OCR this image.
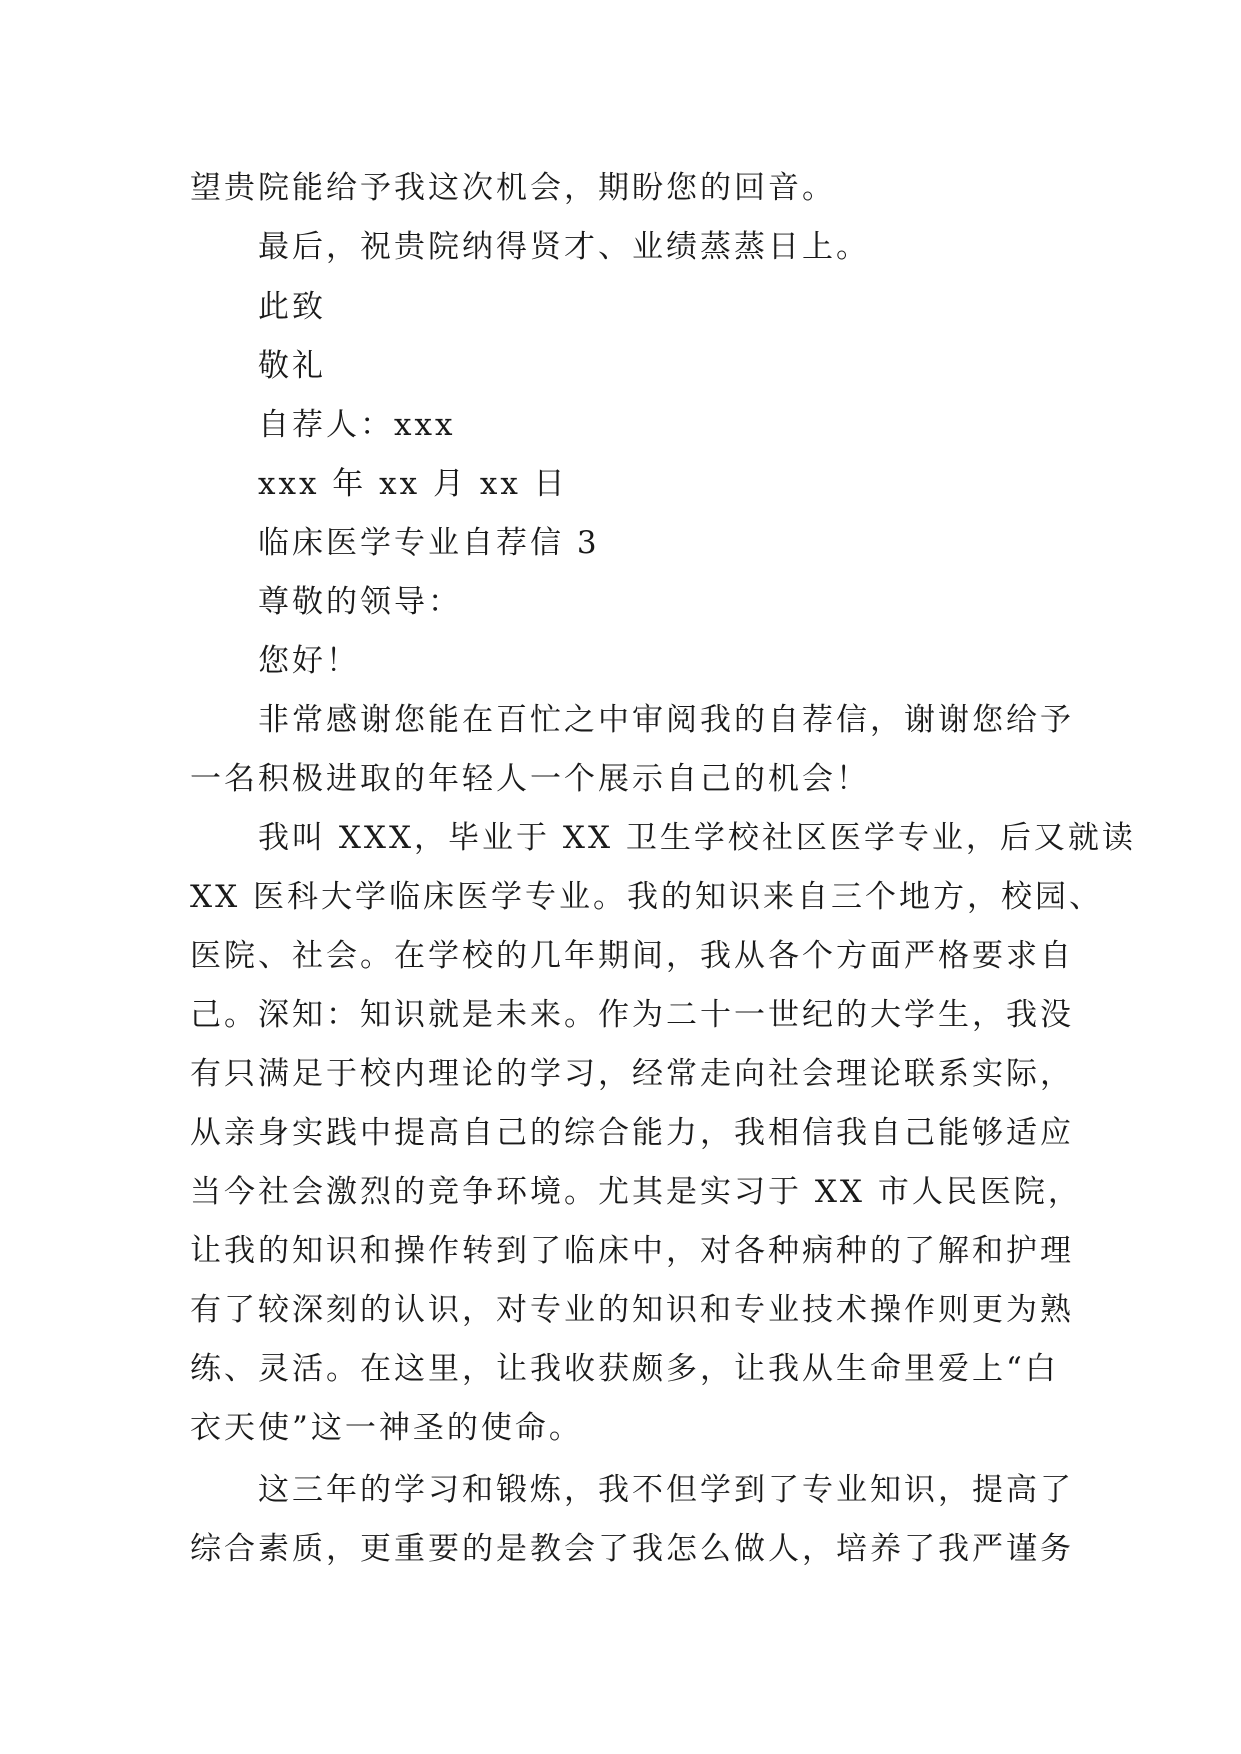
望贵院能给予我这次机会，期盼您的回音。
最后，祝贵院纳得贤才、业绩蒸蒸日上。
此致
敬礼
自荐人：xxx
xxx 年 xx 月 xx 日
临床医学专业自荐信 3
尊敬的领导：
您好！
非常感谢您能在百忙之中审阅我的自荐信，谢谢您给予
一名积极进取的年轻人一个展示自己的机会！
我叫 XXX，毕业于 XX 卫生学校社区医学专业，后又就读
XX 医科大学临床医学专业。我的知识来自三个地方，校园、
医院、社会。在学校的几年期间，我从各个方面严格要求自
己。深知：知识就是未来。作为二十一世纪的大学生，我没
有只满足于校内理论的学习，经常走向社会理论联系实际，
从亲身实践中提高自己的综合能力，我相信我自己能够适应
当今社会激烈的竞争环境。尤其是实习于 XX 市人民医院，
让我的知识和操作转到了临床中，对各种病种的了解和护理
有了较深刻的认识，对专业的知识和专业技术操作则更为熟
练、灵活。在这里，让我收获颇多，让我从生命里爱上“白
衣天使”这一神圣的使命。
这三年的学习和锻炼，我不但学到了专业知识，提高了
综合素质，更重要的是教会了我怎么做人，培养了我严谨务
